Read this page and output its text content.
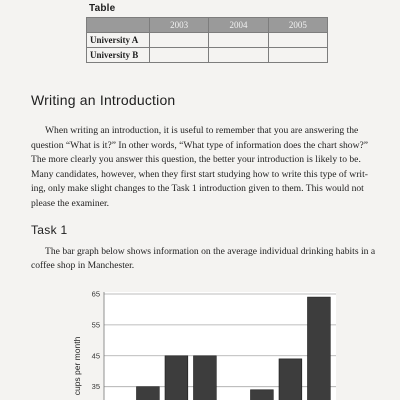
Table
	2003	2004	2005
University A			
University B			
Writing an Introduction

When writing an introduction, it is useful to remember that you are answering the
question “What is it?” In other words, “What type of information does the chart show?”
The more clearly you answer this question, the better your introduction is likely to be.
Many candidates, however, when they first start studying how to write this type of writ-
ing, only make slight changes to the Task 1 introduction given to them. This would not
please the examiner.

Task 1

The bar graph below shows information on the average individual drinking habits in a
coffee shop in Manchester.

35
45
55
65
cups per month
